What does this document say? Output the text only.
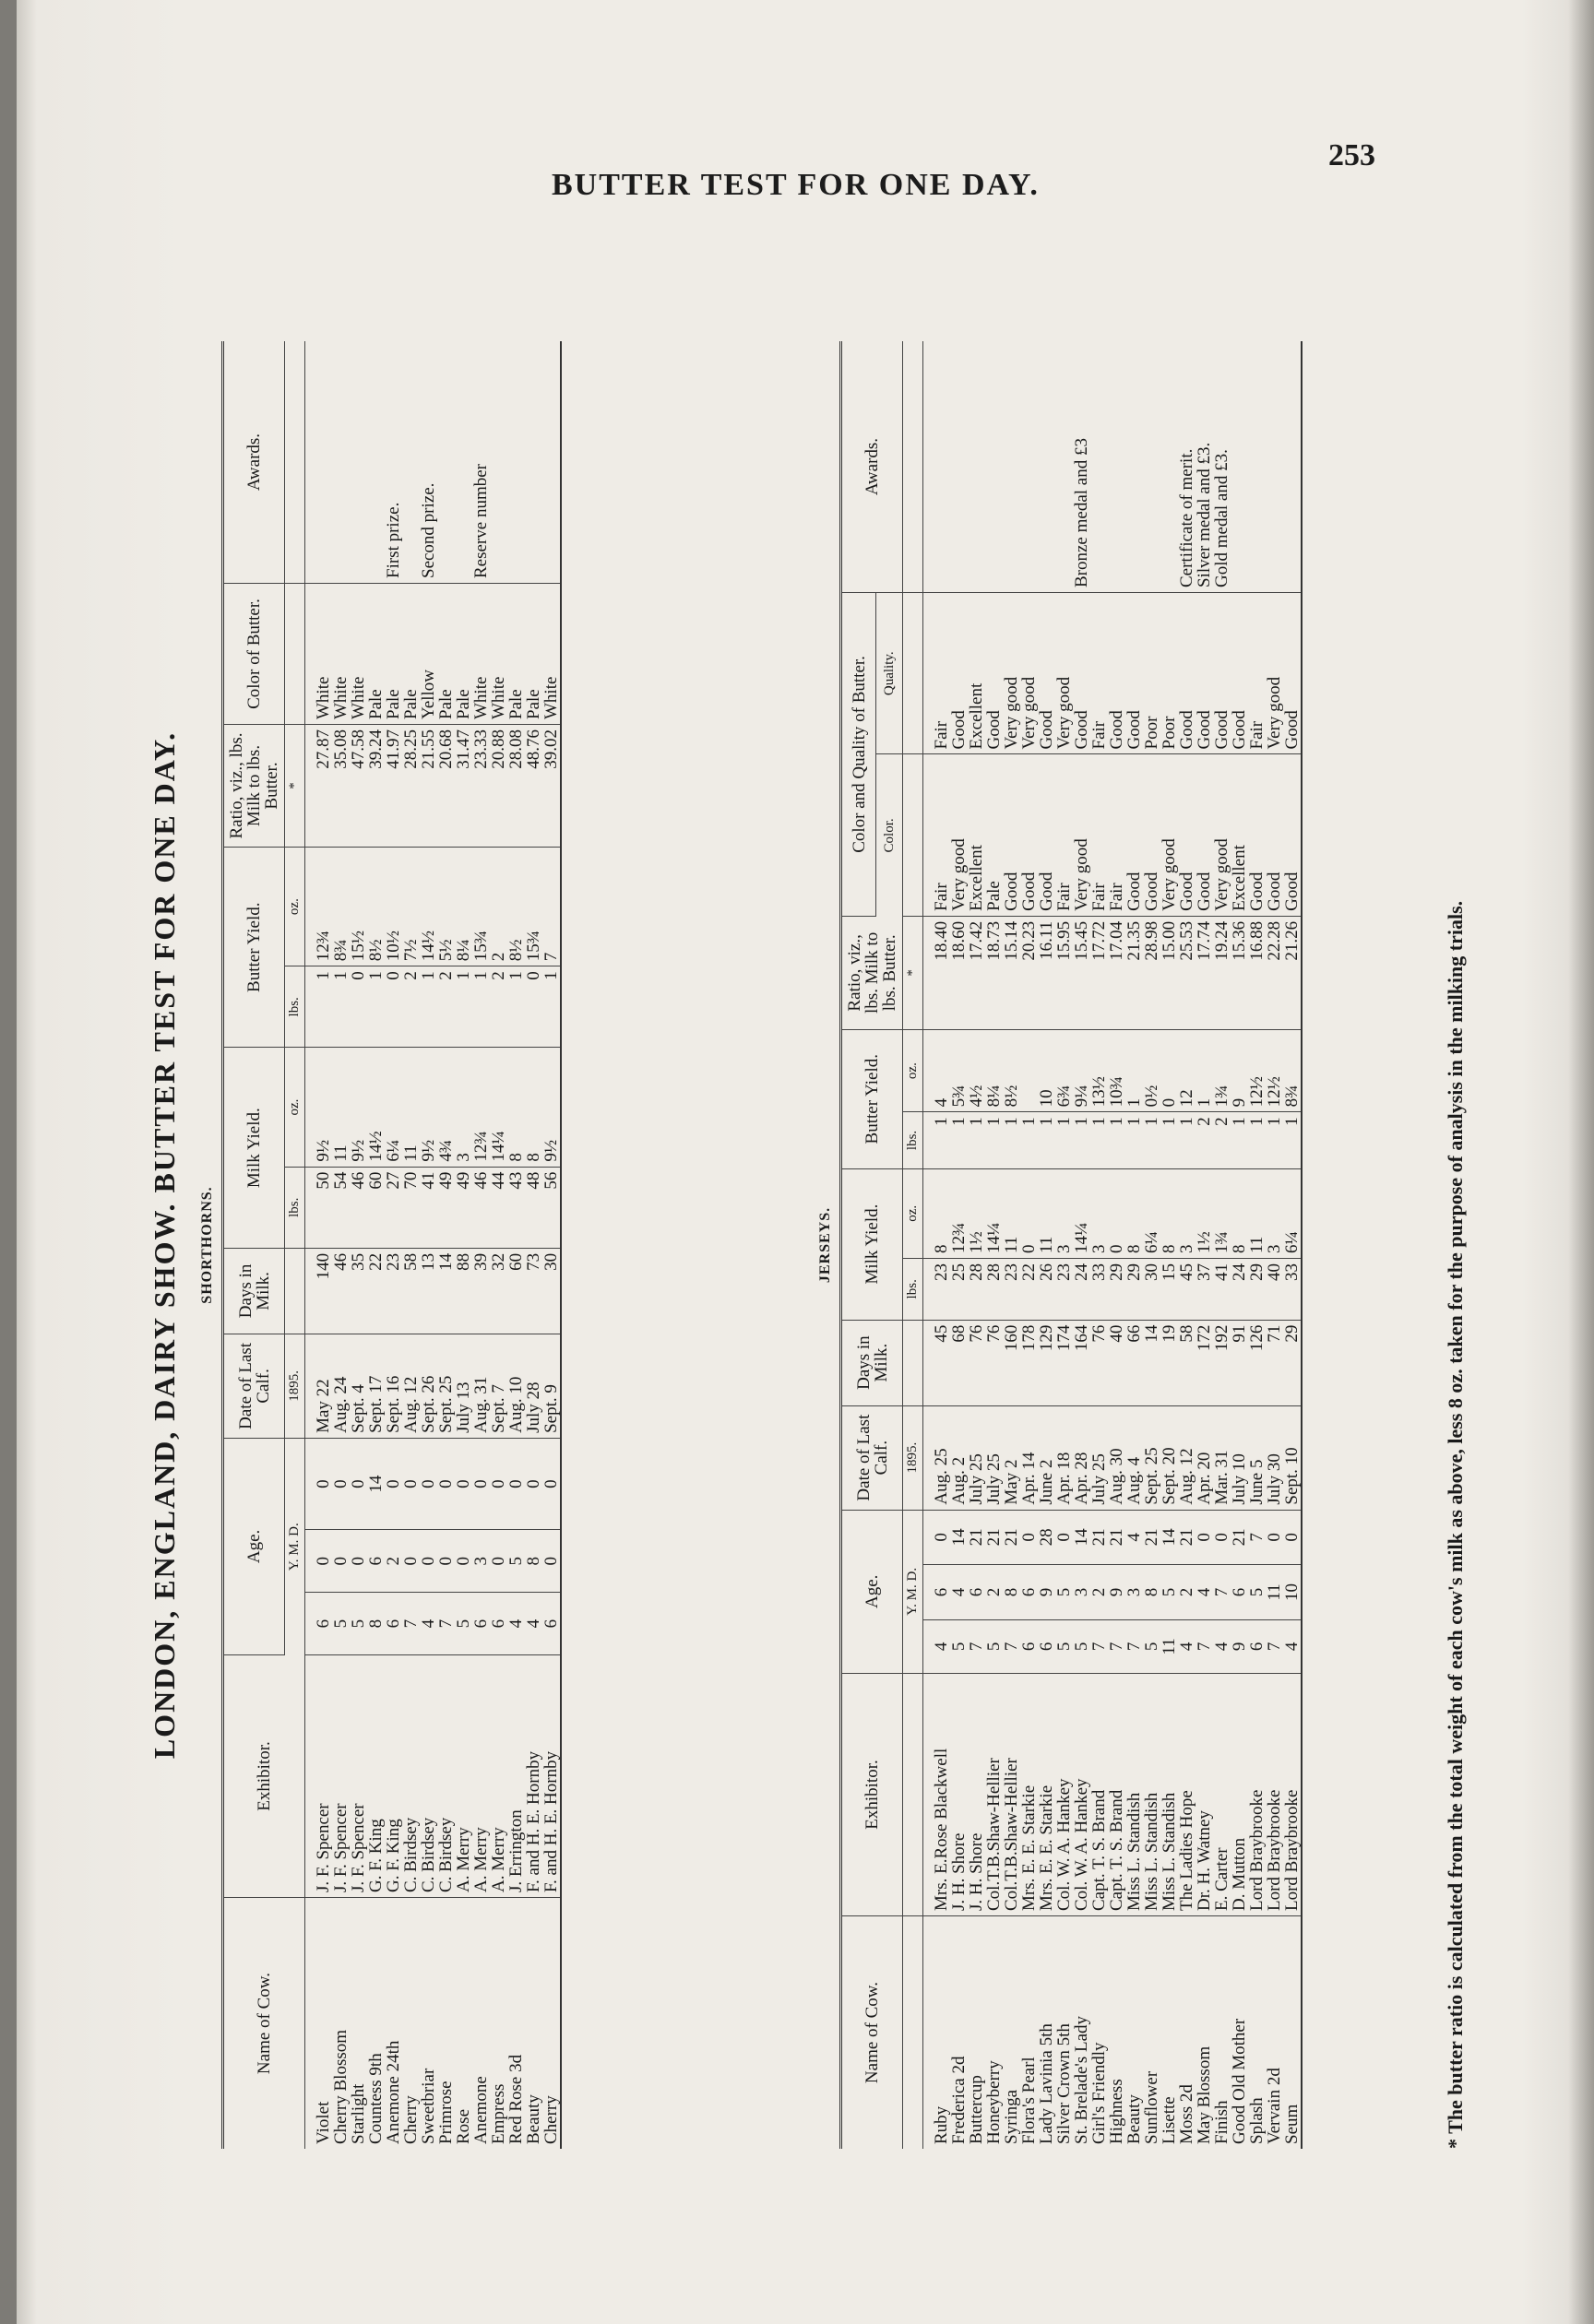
253
BUTTER TEST FOR ONE DAY.
LONDON, ENGLAND, DAIRY SHOW. BUTTER TEST FOR ONE DAY. SHORTHORNS.
Name of Cow.	Exhibitor.	Age.			Date of Last Calf.	Days in Milk.	Milk Yield.		Butter Yield.		Ratio, viz., lbs. Milk to lbs. Butter.	Color of Butter.	Awards.
		Y. M. D.			1895.		lbs.	oz.	lbs.	oz.	*		

Violet	J. F. Spencer	6	0	0	May 22	140	50	9½	1	12¾	27.87	White	
Cherry Blossom	J. F. Spencer	5	0	0	Aug. 24	46	54	11	1	8¾	35.08	White	
Starlight	J. F. Spencer	5	0	0	Sept. 4	35	46	9½	0	15½	47.58	White	
Countess 9th	G. F. King	8	6	14	Sept. 17	22	60	14½	1	8½	39.24	Pale	
Anemone 24th	G. F. King	6	2	0	Sept. 16	23	27	6¼	0	10½	41.97	Pale	First prize.
Cherry	C. Birdsey	7	0	0	Aug. 12	58	70	11	2	7½	28.25	Pale	
Sweetbriar	C. Birdsey	4	0	0	Sept. 26	13	41	9½	1	14½	21.55	Yellow	Second prize.
Primrose	C. Birdsey	7	0	0	Sept. 25	14	49	4¾	2	5½	20.68	Pale	
Rose	A. Merry	5	0	0	July 13	88	49	3	1	8¼	31.47	Pale	
Anemone	A. Merry	6	3	0	Aug. 31	39	46	12¾	1	15¾	23.33	White	Reserve number
Empress	A. Merry	6	0	0	Sept. 7	32	44	14¼	2	2	20.88	White	
Red Rose 3d	J. Errington	4	5	0	Aug. 10	60	43	8	1	8½	28.08	Pale	
Beauty	F. and H. E. Hornby	4	8	0	July 28	73	48	8	0	15¾	48.76	Pale	
Cherry	F. and H. E. Hornby	6	0	0	Sept. 9	30	56	9½	1	7	39.02	White	
JERSEYS.
Name of Cow.	Exhibitor.	Age.			Date of Last Calf.	Days in Milk.	Milk Yield.		Butter Yield.		Ratio, viz., lbs. Milk to lbs. Butter.	Color and Quality of Butter.		Awards.
												Color.	Quality.	
		Y. M. D.			1895.		lbs.	oz.	lbs.	oz.	*			

Ruby	Mrs. E.Rose Blackwell	4	6	0	Aug. 25	45	23	8	1	4	18.40	Fair	Fair	
Frederica 2d	J. H. Shore	5	4	14	Aug. 2	68	25	12¾	1	5¾	18.60	Very good	Good	
Buttercup	J. H. Shore	7	6	21	July 25	76	28	1½	1	4½	17.42	Excellent	Excellent	
Honeyberry	Col.T.B.Shaw-Hellier	5	2	21	July 25	76	28	14¼	1	8¼	18.73	Pale	Good	
Syringa	Col.T.B.Shaw-Hellier	7	8	21	May 2	160	23	11	1	8½	15.14	Good	Very good	
Flora's Pearl	Mrs. E. E. Starkie	6	6	0	Apr. 14	178	22	0	1		20.23	Good	Very good	
Lady Lavinia 5th	Mrs. E. E. Starkie	6	9	28	June 2	129	26	11	1	10	16.11	Good	Good	
Silver Crown 5th	Col. W. A. Hankey	5	5	0	Apr. 18	174	23	3	1	6¾	15.95	Fair	Very good	
St. Brelade's Lady	Col. W. A. Hankey	5	3	14	Apr. 28	164	24	14¼	1	9¼	15.45	Very good	Good	Bronze medal and £3
Girl's Friendly	Capt. T. S. Brand	7	2	21	July 25	76	33	3	1	13½	17.72	Fair	Fair	
Highness	Capt. T. S. Brand	7	9	21	Aug. 30	40	29	0	1	10¾	17.04	Fair	Good	
Beauty	Miss L. Standish	7	3	4	Aug. 4	66	29	8	1	1	21.35	Good	Good	
Sunflower	Miss L. Standish	5	8	21	Sept. 25	14	30	6¼	1	0½	28.98	Good	Poor	
Lisette	Miss L. Standish	11	5	14	Sept. 20	19	15	8	1	0	15.00	Very good	Poor	
Moss 2d	The Ladies Hope	4	2	21	Aug. 12	58	45	3	1	12	25.53	Good	Good	Certificate of merit.
May Blossom	Dr. H. Watney	7	4	0	Apr. 20	172	37	1½	2	1	17.74	Good	Good	Silver medal and £3.
Finish	E. Carter	4	7	0	Mar. 31	192	41	1¾	2	1¾	19.24	Very good	Good	Gold medal and £3.
Good Old Mother	D. Mutton	9	6	21	July 10	91	24	8	1	9	15.36	Excellent	Good	
Splash	Lord Braybrooke	6	5	7	June 5	126	29	11	1	12½	16.88	Good	Fair	
Vervain 2d	Lord Braybrooke	7	11	0	July 30	71	40	3	1	12½	22.28	Good	Very good	
Seum	Lord Braybrooke	4	10	0	Sept. 10	29	33	6¼	1	8¾	21.26	Good	Good	
* The butter ratio is calculated from the total weight of each cow's milk as above, less 8 oz. taken for the purpose of analysis in the milking trials.
